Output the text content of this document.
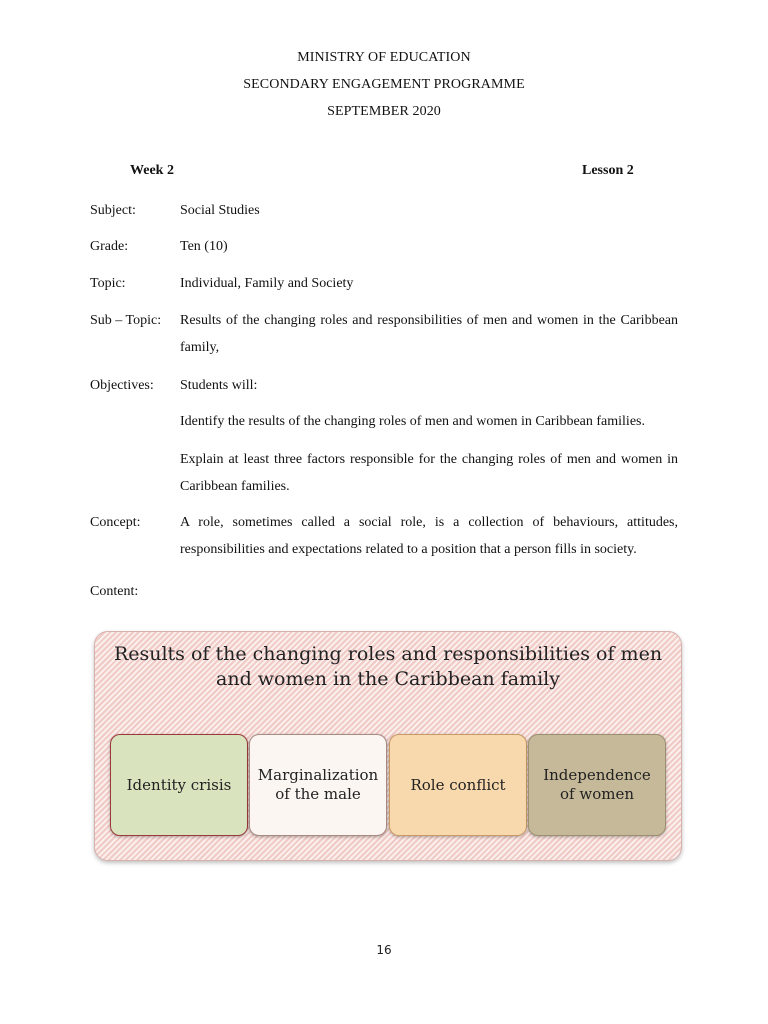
MINISTRY OF EDUCATION
SECONDARY ENGAGEMENT PROGRAMME
SEPTEMBER 2020
Week 2	Lesson 2
Subject:	Social Studies
Grade:	Ten (10)
Topic:	Individual, Family and Society
Sub – Topic:	Results of the changing roles and responsibilities of men and women in the Caribbean family,
Objectives:	Students will:
Identify the results of the changing roles of men and women in Caribbean families.
Explain at least three factors responsible for the changing roles of men and women in Caribbean families.
Concept:	A role, sometimes called a social role, is a collection of behaviours, attitudes, responsibilities and expectations related to a position that a person fills in society.
Content:
Results of the changing roles and responsibilities of men and women in the Caribbean family
Identity crisis
Marginalization of the male
Role conflict
Independence of women
16
